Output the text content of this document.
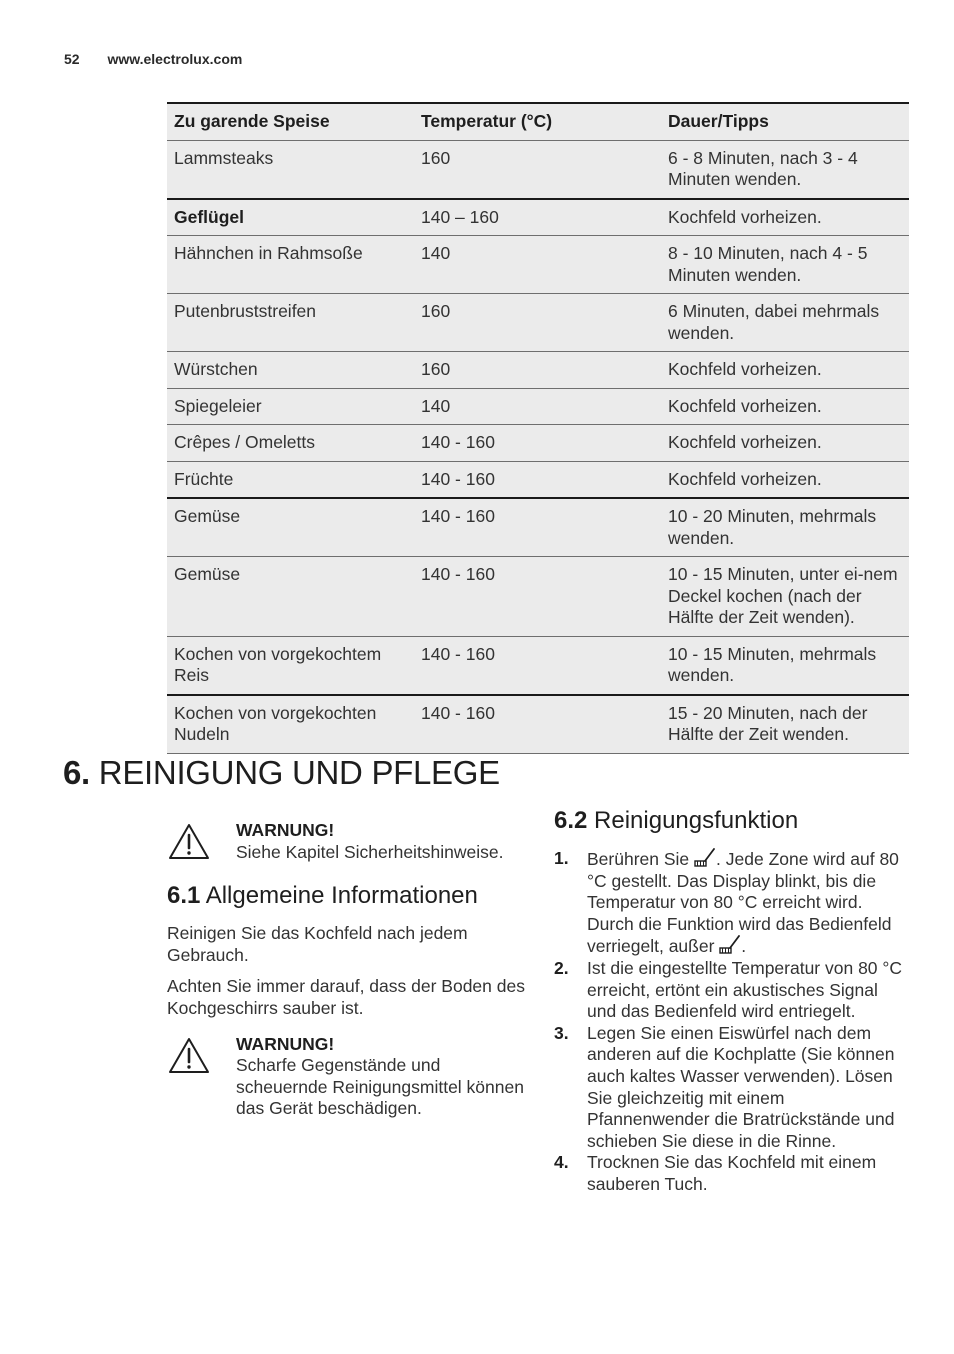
52 www.electrolux.com
Zu garende Speise	Temperatur (°C)	Dauer/Tipps
Lammsteaks	160	6 - 8 Minuten, nach 3 - 4 Minuten wenden.
Geflügel	140 – 160	Kochfeld vorheizen.
Hähnchen in Rahmsoße	140	8 - 10 Minuten, nach 4 - 5 Minuten wenden.
Putenbruststreifen	160	6 Minuten, dabei mehrmals wenden.
Würstchen	160	Kochfeld vorheizen.
Spiegeleier	140	Kochfeld vorheizen.
Crêpes / Omeletts	140 - 160	Kochfeld vorheizen.
Früchte	140 - 160	Kochfeld vorheizen.
Gemüse	140 - 160	10 - 20 Minuten, mehrmals wenden.
Gemüse	140 - 160	10 - 15 Minuten, unter ei-nem Deckel kochen (nach der Hälfte der Zeit wenden).
Kochen von vorgekochtem Reis	140 - 160	10 - 15 Minuten, mehrmals wenden.
Kochen von vorgekochten Nudeln	140 - 160	15 - 20 Minuten, nach der Hälfte der Zeit wenden.
6. REINIGUNG UND PFLEGE
WARNUNG!
Siehe Kapitel Sicherheitshinweise.
6.1 Allgemeine Informationen

Reinigen Sie das Kochfeld nach jedem Gebrauch.

Achten Sie immer darauf, dass der Boden des Kochgeschirrs sauber ist.

WARNUNG!
Scharfe Gegenstände und scheuernde Reinigungsmittel können das Gerät beschädigen.
6.2 Reinigungsfunktion
1.	Berühren Sie . Jede Zone wird auf 80 °C gestellt. Das Display blinkt, bis die Temperatur von 80 °C erreicht wird. Durch die Funktion wird das Bedienfeld verriegelt, außer .
2.	Ist die eingestellte Temperatur von 80 °C erreicht, ertönt ein akustisches Signal und das Bedienfeld wird entriegelt.
3.	Legen Sie einen Eiswürfel nach dem anderen auf die Kochplatte (Sie können auch kaltes Wasser verwenden). Lösen Sie gleichzeitig mit einem Pfannenwender die Bratrückstände und schieben Sie diese in die Rinne.
4.	Trocknen Sie das Kochfeld mit einem sauberen Tuch.
